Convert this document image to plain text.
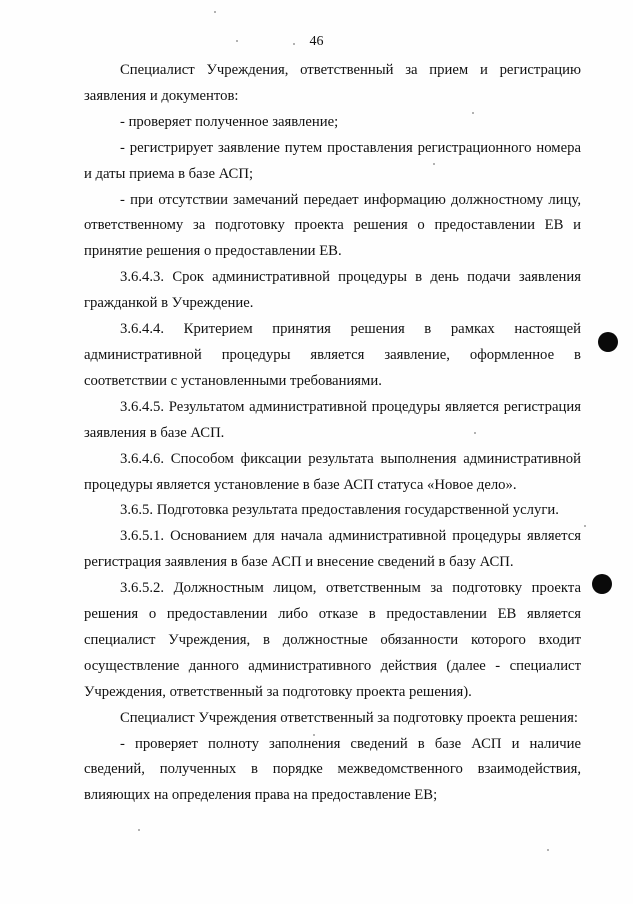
46

Специалист Учреждения, ответственный за прием и регистрацию заявления и документов:

- проверяет полученное заявление;

- регистрирует заявление путем проставления регистрационного номера и даты приема в базе АСП;

- при отсутствии замечаний передает информацию должностному лицу, ответственному за подготовку проекта решения о предоставлении ЕВ и принятие решения о предоставлении ЕВ.

3.6.4.3. Срок административной процедуры в день подачи заявления гражданкой в Учреждение.

3.6.4.4. Критерием принятия решения в рамках настоящей административной процедуры является заявление, оформленное в соответствии с установленными требованиями.

3.6.4.5. Результатом административной процедуры является регистрация заявления в базе АСП.

3.6.4.6. Способом фиксации результата выполнения административной процедуры является установление в базе АСП статуса «Новое дело».

3.6.5. Подготовка результата предоставления государственной услуги.

3.6.5.1. Основанием для начала административной процедуры является регистрация заявления в базе АСП и внесение сведений в базу АСП.

3.6.5.2. Должностным лицом, ответственным за подготовку проекта решения о предоставлении либо отказе в предоставлении ЕВ является специалист Учреждения, в должностные обязанности которого входит осуществление данного административного действия (далее - специалист Учреждения, ответственный за подготовку проекта решения).

Специалист Учреждения ответственный за подготовку проекта решения:

- проверяет полноту заполнения сведений в базе АСП и наличие сведений, полученных в порядке межведомственного взаимодействия, влияющих на определения права на предоставление ЕВ;
